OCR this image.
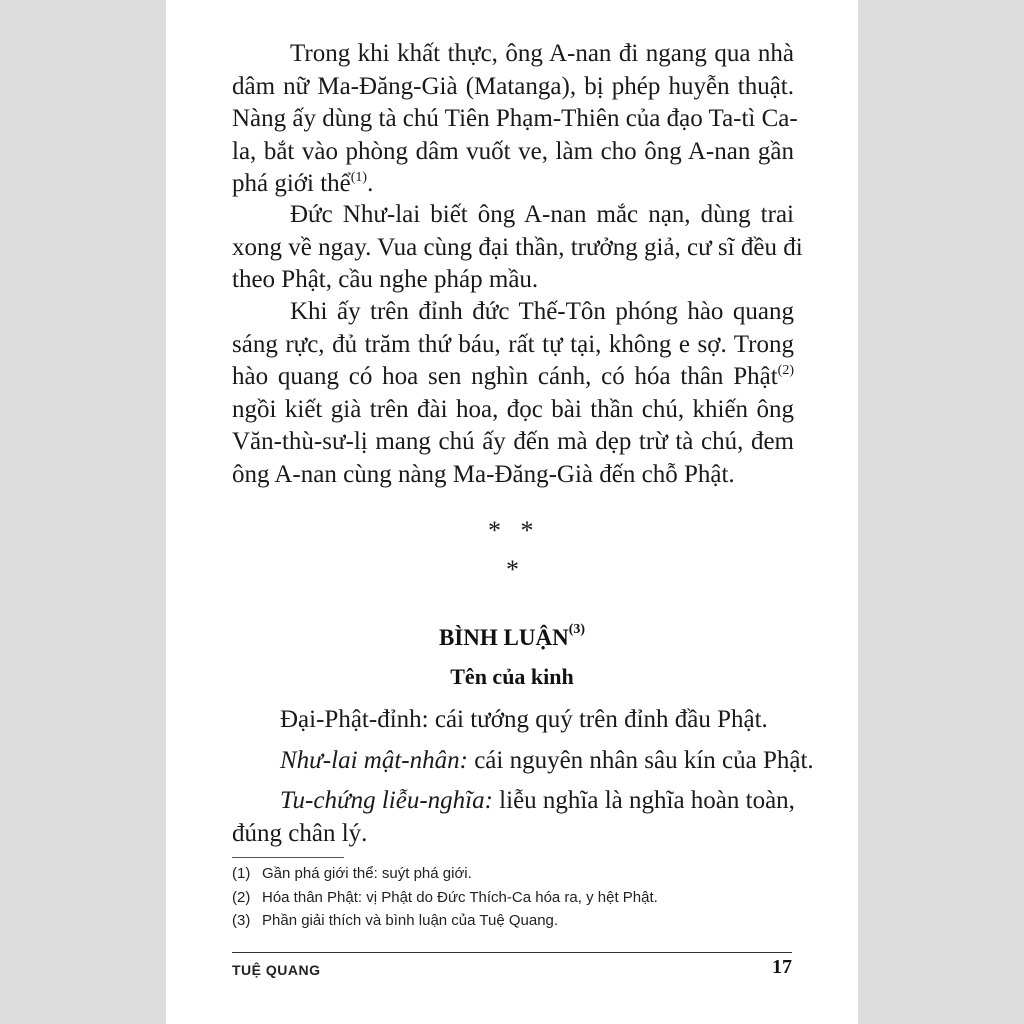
Trong khi khất thực, ông A-nan đi ngang qua nhà
dâm nữ Ma-Đăng-Già (Matanga), bị phép huyễn thuật.
Nàng ấy dùng tà chú Tiên Phạm-Thiên của đạo Ta-tì Ca-
la, bắt vào phòng dâm vuốt ve, làm cho ông A-nan gần
phá giới thể$^{(1)}$.
Đức Như-lai biết ông A-nan mắc nạn, dùng trai
xong về ngay. Vua cùng đại thần, trưởng giả, cư sĩ đều đi
theo Phật, cầu nghe pháp mầu.
Khi ấy trên đỉnh đức Thế-Tôn phóng hào quang
sáng rực, đủ trăm thứ báu, rất tự tại, không e sợ. Trong
hào quang có hoa sen nghìn cánh, có hóa thân Phật$^{(2)}$
ngồi kiết già trên đài hoa, đọc bài thần chú, khiến ông
Văn-thù-sư-lị mang chú ấy đến mà dẹp trừ tà chú, đem
ông A-nan cùng nàng Ma-Đăng-Già đến chỗ Phật.
*   *
*
BÌNH LUẬN$^{(3)}$
Tên của kinh
Đại-Phật-đỉnh: cái tướng quý trên đỉnh đầu Phật.
Như-lai mật-nhân: cái nguyên nhân sâu kín của Phật.
Tu-chứng liễu-nghĩa: liễu nghĩa là nghĩa hoàn toàn,
đúng chân lý.
(1) Gần phá giới thể: suýt phá giới.
(2) Hóa thân Phật: vị Phật do Đức Thích-Ca hóa ra, y hệt Phật.
(3) Phần giải thích và bình luận của Tuệ Quang.
TUỆ QUANG	17
